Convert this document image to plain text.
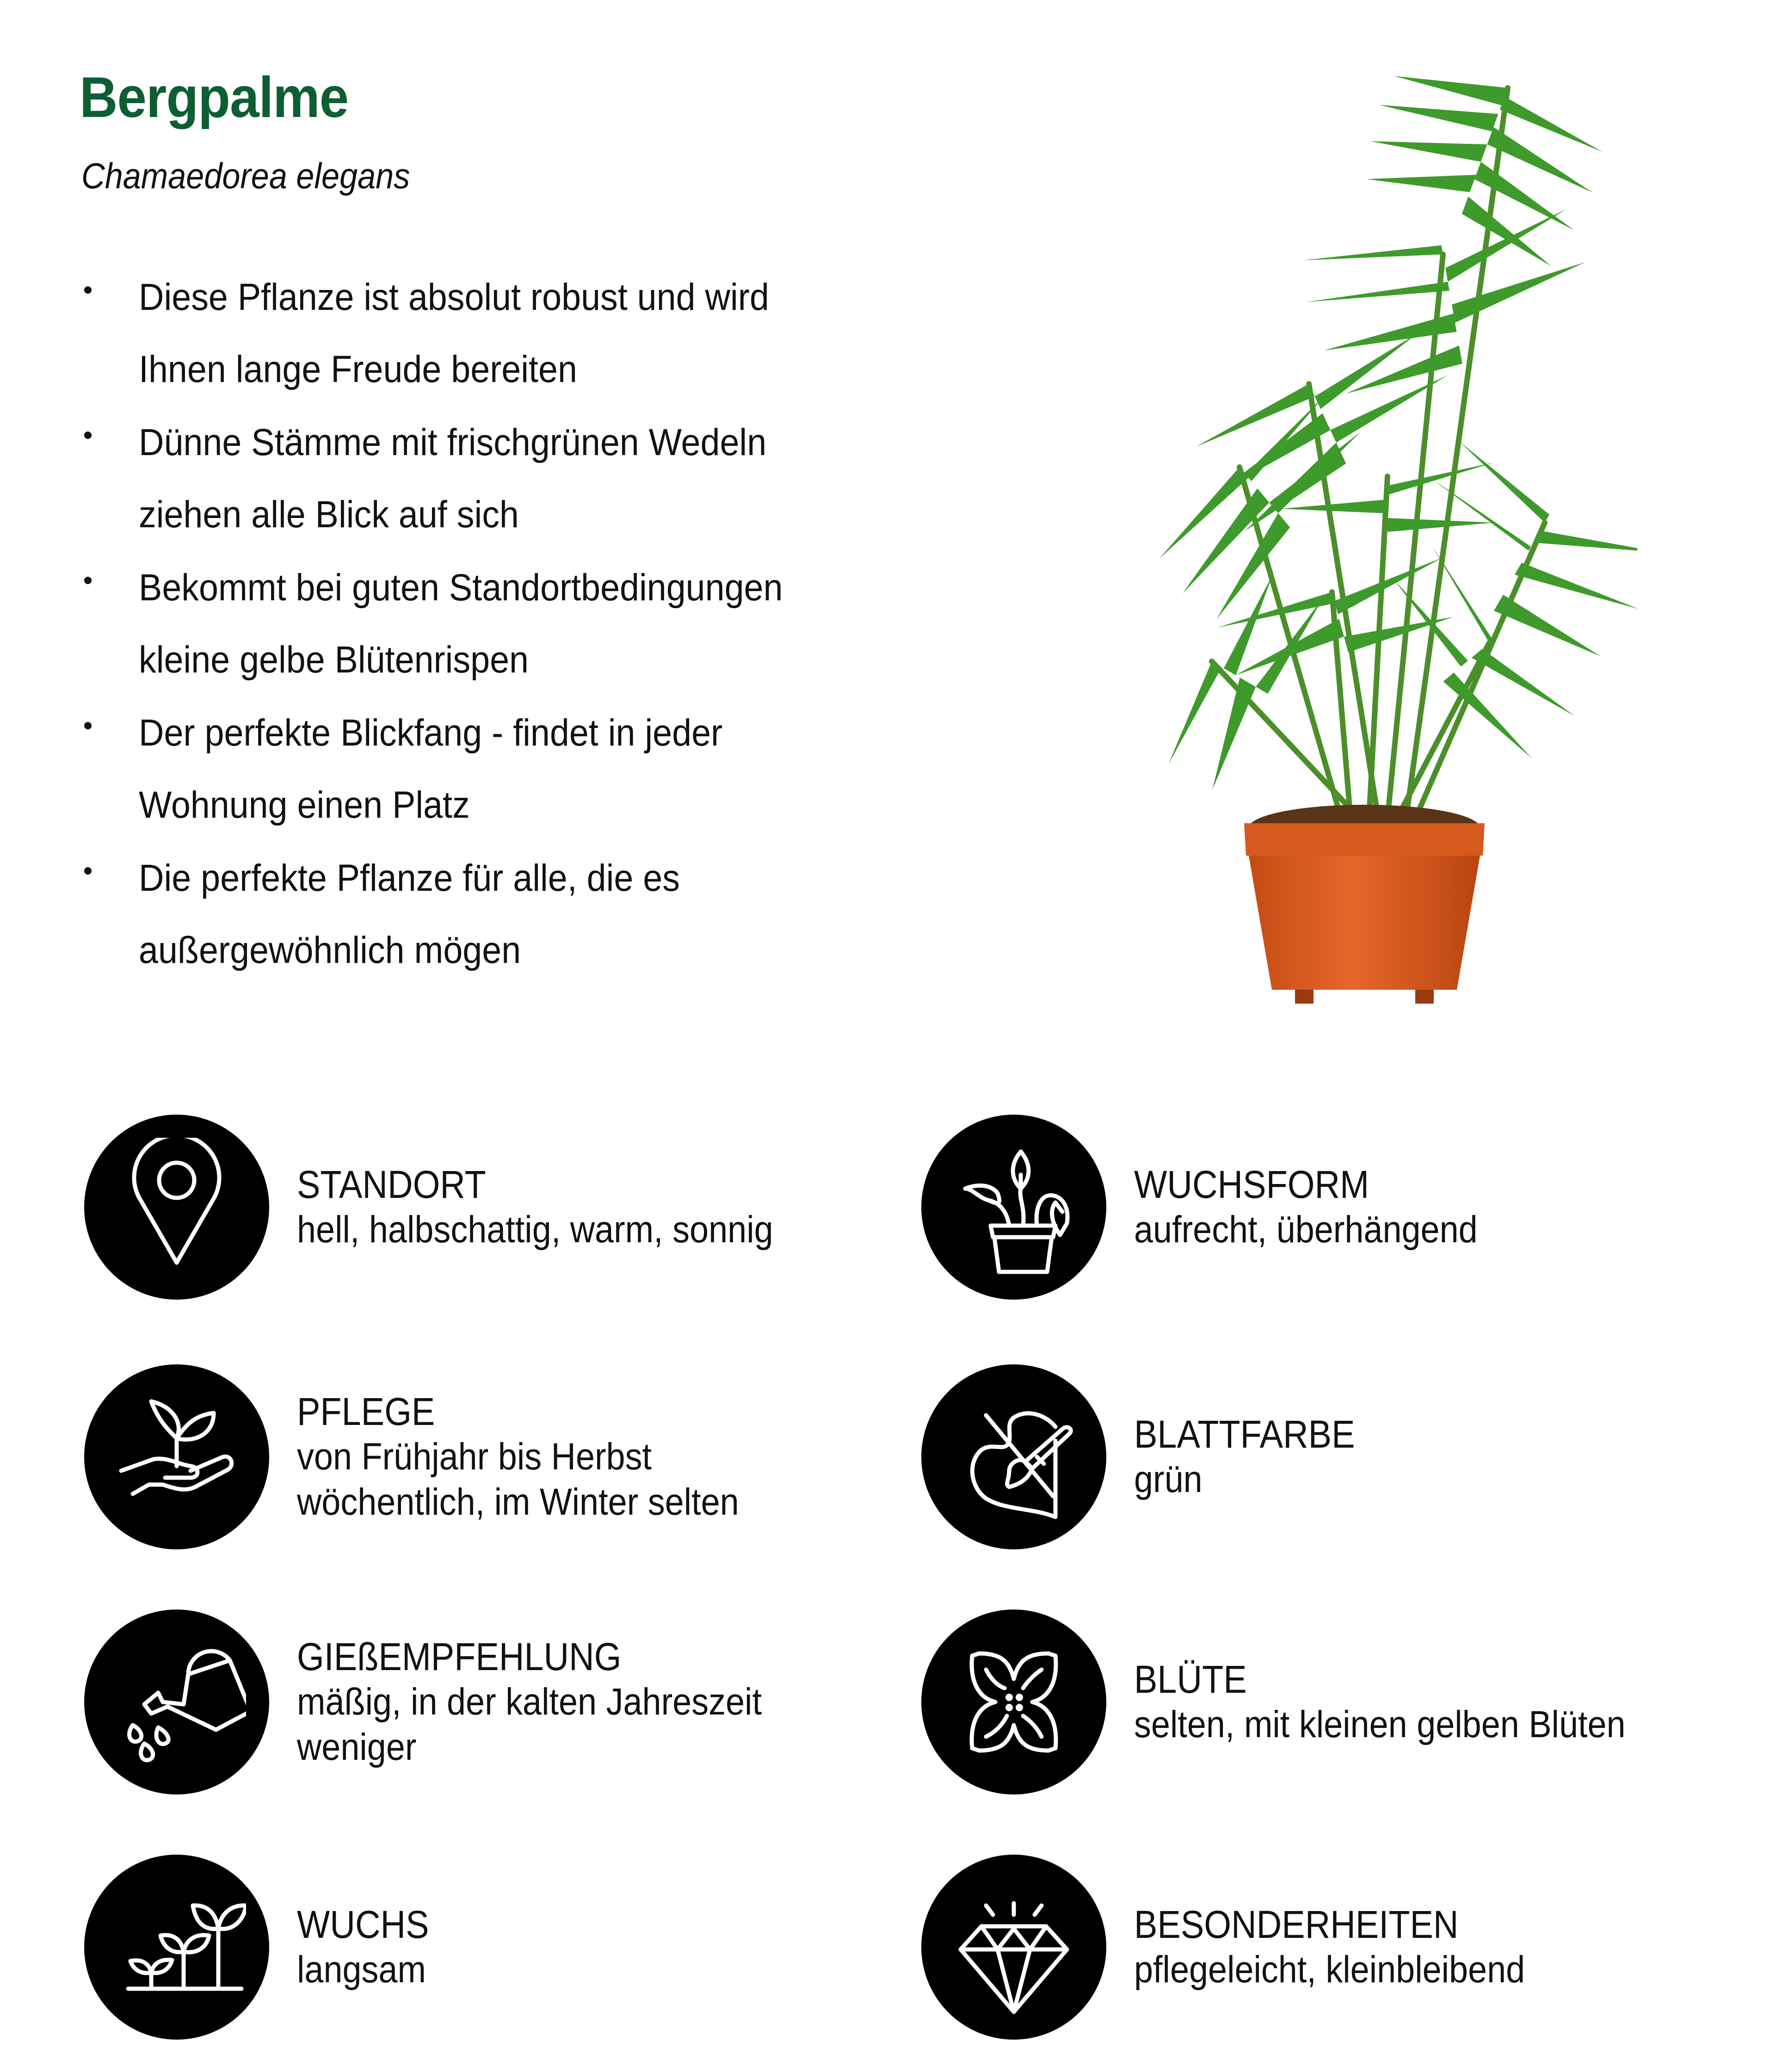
Bergpalme
Chamaedorea elegans
Diese Pflanze ist absolut robust und wird
Ihnen lange Freude bereiten
Dünne Stämme mit frischgrünen Wedeln
ziehen alle Blick auf sich
Bekommt bei guten Standortbedingungen
kleine gelbe Blütenrispen
Der perfekte Blickfang - findet in jeder
Wohnung einen Platz
Die perfekte Pflanze für alle, die es
außergewöhnlich mögen
STANDORT
hell, halbschattig, warm, sonnig
PFLEGE
von Frühjahr bis Herbst
wöchentlich, im Winter selten
GIEßEMPFEHLUNG
mäßig, in der kalten Jahreszeit
weniger
WUCHS
langsam
WUCHSFORM
aufrecht, überhängend
BLATTFARBE
grün
BLÜTE
selten, mit kleinen gelben Blüten
BESONDERHEITEN
pflegeleicht, kleinbleibend
